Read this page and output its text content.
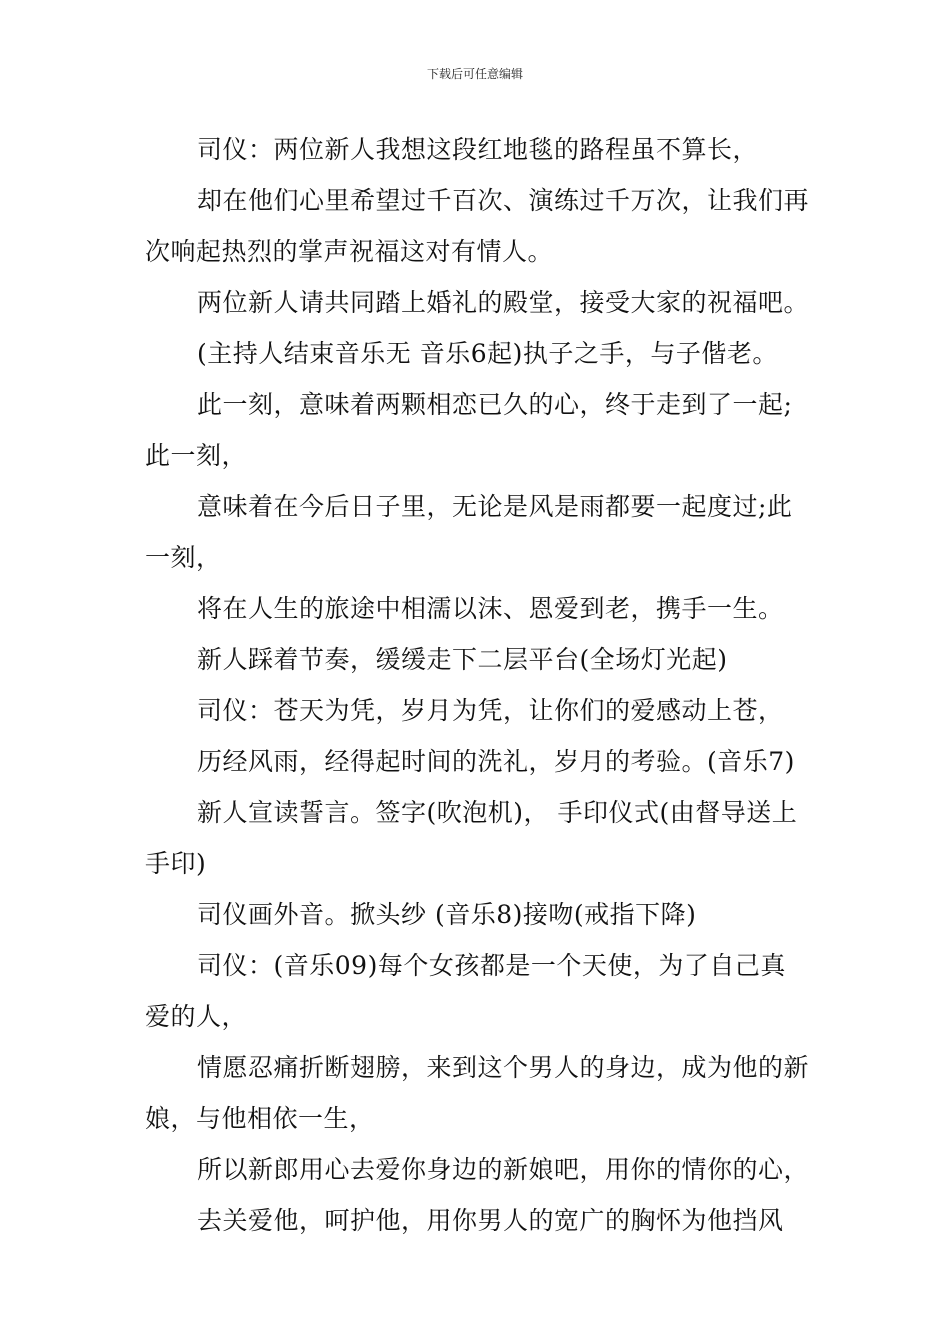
下载后可任意编辑

司仪：两位新人我想这段红地毯的路程虽不算长，

却在他们心里希望过千百次、演练过千万次，让我们再次响起热烈的掌声祝福这对有情人。

两位新人请共同踏上婚礼的殿堂，接受大家的祝福吧。

(主持人结束音乐无 音乐6起)执子之手，与子偕老。

此一刻，意味着两颗相恋已久的心，终于走到了一起;此一刻，

意味着在今后日子里，无论是风是雨都要一起度过;此一刻，

将在人生的旅途中相濡以沫、恩爱到老，携手一生。

新人踩着节奏，缓缓走下二层平台(全场灯光起)

司仪：苍天为凭，岁月为凭，让你们的爱感动上苍，

历经风雨，经得起时间的洗礼，岁月的考验。(音乐7)

新人宣读誓言。签字(吹泡机)， 手印仪式(由督导送上手印)

司仪画外音。掀头纱 (音乐8)接吻(戒指下降)

司仪：(音乐09)每个女孩都是一个天使，为了自己真爱的人，

情愿忍痛折断翅膀，来到这个男人的身边，成为他的新娘，与他相依一生，

所以新郎用心去爱你身边的新娘吧，用你的情你的心，

去关爱他，呵护他，用你男人的宽广的胸怀为他挡风
